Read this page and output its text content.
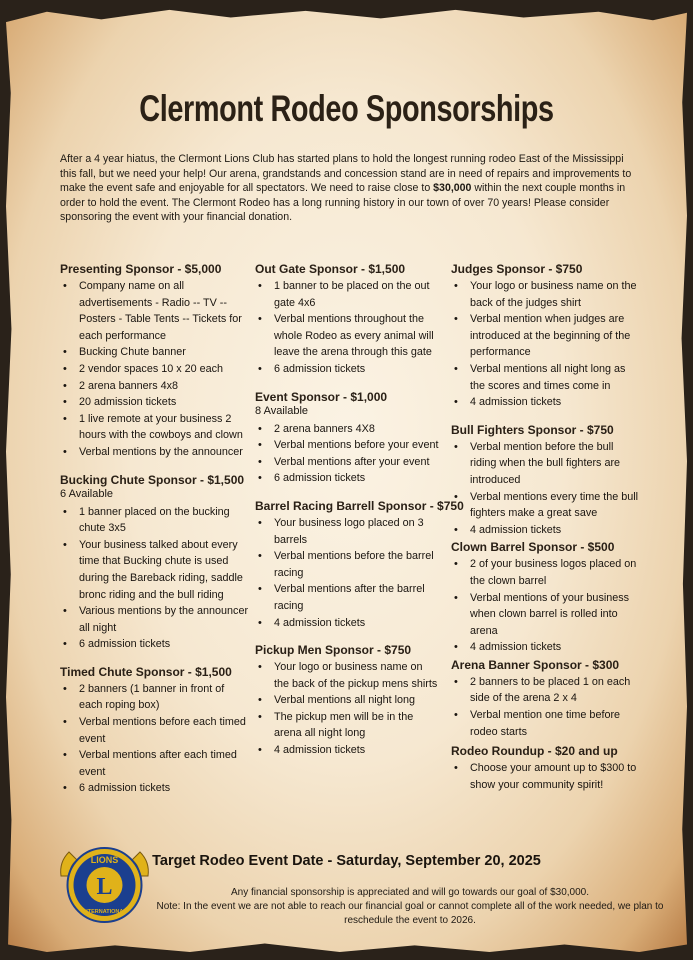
Clermont Rodeo Sponsorships
After a 4 year hiatus, the Clermont Lions Club has started plans to hold the longest running rodeo East of the Mississippi this fall, but we need your help! Our arena, grandstands and concession stand are in need of repairs and improvements to make the event safe and enjoyable for all spectators. We need to raise close to $30,000 within the next couple months in order to hold the event. The Clermont Rodeo has a long running history in our town of over 70 years! Please consider sponsoring the event with your financial donation.
Presenting Sponsor - $5,000
• Company name on all advertisements - Radio -- TV -- Posters - Table Tents -- Tickets for each performance
• Bucking Chute banner
• 2 vendor spaces 10 x 20 each
• 2 arena banners 4x8
• 20 admission tickets
• 1 live remote at your business 2 hours with the cowboys and clown
• Verbal mentions by the announcer
Bucking Chute Sponsor - $1,500
6 Available
• 1 banner placed on the bucking chute 3x5
• Your business talked about every time that Bucking chute is used during the Bareback riding, saddle bronc riding and the bull riding
• Various mentions by the announcer all night
• 6 admission tickets
Timed Chute Sponsor - $1,500
• 2 banners (1 banner in front of each roping box)
• Verbal mentions before each timed event
• Verbal mentions after each timed event
• 6 admission tickets
Out Gate Sponsor - $1,500
• 1 banner to be placed on the out gate 4x6
• Verbal mentions throughout the whole Rodeo as every animal will leave the arena through this gate
• 6 admission tickets
Event Sponsor - $1,000
8 Available
• 2 arena banners 4X8
• Verbal mentions before your event
• Verbal mentions after your event
• 6 admission tickets
Barrel Racing Barrell Sponsor - $750
• Your business logo placed on 3 barrels
• Verbal mentions before the barrel racing
• Verbal mentions after the barrel racing
• 4 admission tickets
Pickup Men Sponsor - $750
• Your logo or business name on the back of the pickup mens shirts
• Verbal mentions all night long
• The pickup men will be in the arena all night long
• 4 admission tickets
Judges Sponsor - $750
• Your logo or business name on the back of the judges shirt
• Verbal mention when judges are introduced at the beginning of the performance
• Verbal mentions all night long as the scores and times come in
• 4 admission tickets
Bull Fighters Sponsor - $750
• Verbal mention before the bull riding when the bull fighters are introduced
• Verbal mentions every time the bull fighters make a great save
• 4 admission tickets
Clown Barrel Sponsor - $500
• 2 of your business logos placed on the clown barrel
• Verbal mentions of your business when clown barrel is rolled into arena
• 4 admission tickets
Arena Banner Sponsor - $300
• 2 banners to be placed 1 on each side of the arena 2 x 4
• Verbal mention one time before rodeo starts
Rodeo Roundup - $20 and up
• Choose your amount up to $300 to show your community spirit!
L
LIONS
INTERNATIONAL
Target Rodeo Event Date - Saturday, September 20, 2025
Any financial sponsorship is appreciated and will go towards our goal of $30,000.
Note: In the event we are not able to reach our financial goal or cannot complete all of the work needed, we plan to reschedule the event to 2026.
